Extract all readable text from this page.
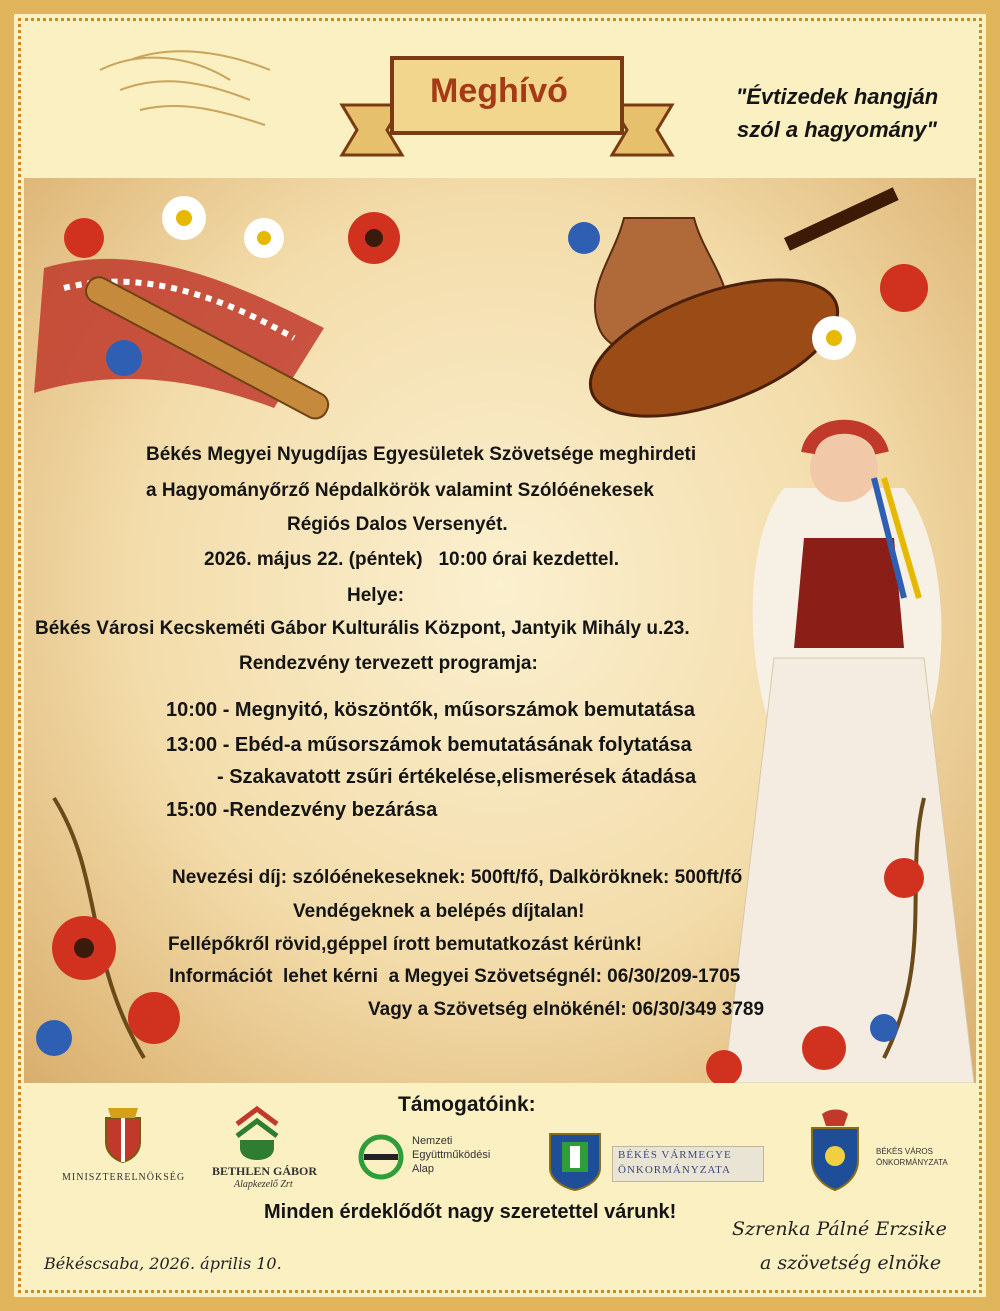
Meghívó	"Évtizedek hangján
szól a hagyomány"
Békés Megyei Nyugdíjas Egyesületek Szövetsége meghirdeti
a Hagyományőrző Népdalkörök valamint Szólóénekesek
Régiós Dalos Versenyét.
2026. május 22. (péntek)   10:00 órai kezdettel.
Helye:
Békés Városi Kecskeméti Gábor Kulturális Központ, Jantyik Mihály u.23.
Rendezvény tervezett programja:
10:00 - Megnyitó, köszöntők, műsorszámok bemutatása
13:00 - Ebéd-a műsorszámok bemutatásának folytatása
- Szakavatott zsűri értékelése,elismerések átadása
15:00 -Rendezvény bezárása
Nevezési díj: szólóénekeseknek: 500ft/fő, Dalköröknek: 500ft/fő
Vendégeknek a belépés díjtalan!
Fellépőkről rövid,géppel írott bemutatkozást kérünk!
Információt  lehet kérni  a Megyei Szövetségnél: 06/30/209-1705
Vagy a Szövetség elnökénél: 06/30/349 3789
Támogatóink:
MINISZTERELNÖKSÉG BETHLEN GÁBOR
Alapkezelő Zrt
Nemzeti
Együttműködési
Alap
BÉKÉS VÁRMEGYE
ÖNKORMÁNYZATA
BÉKÉS VÁROS
ÖNKORMÁNYZATA
Minden érdeklődőt nagy szeretettel várunk!
Békéscsaba, 2026. április 10.
Szrenka Pálné Erzsike
a szövetség elnöke
